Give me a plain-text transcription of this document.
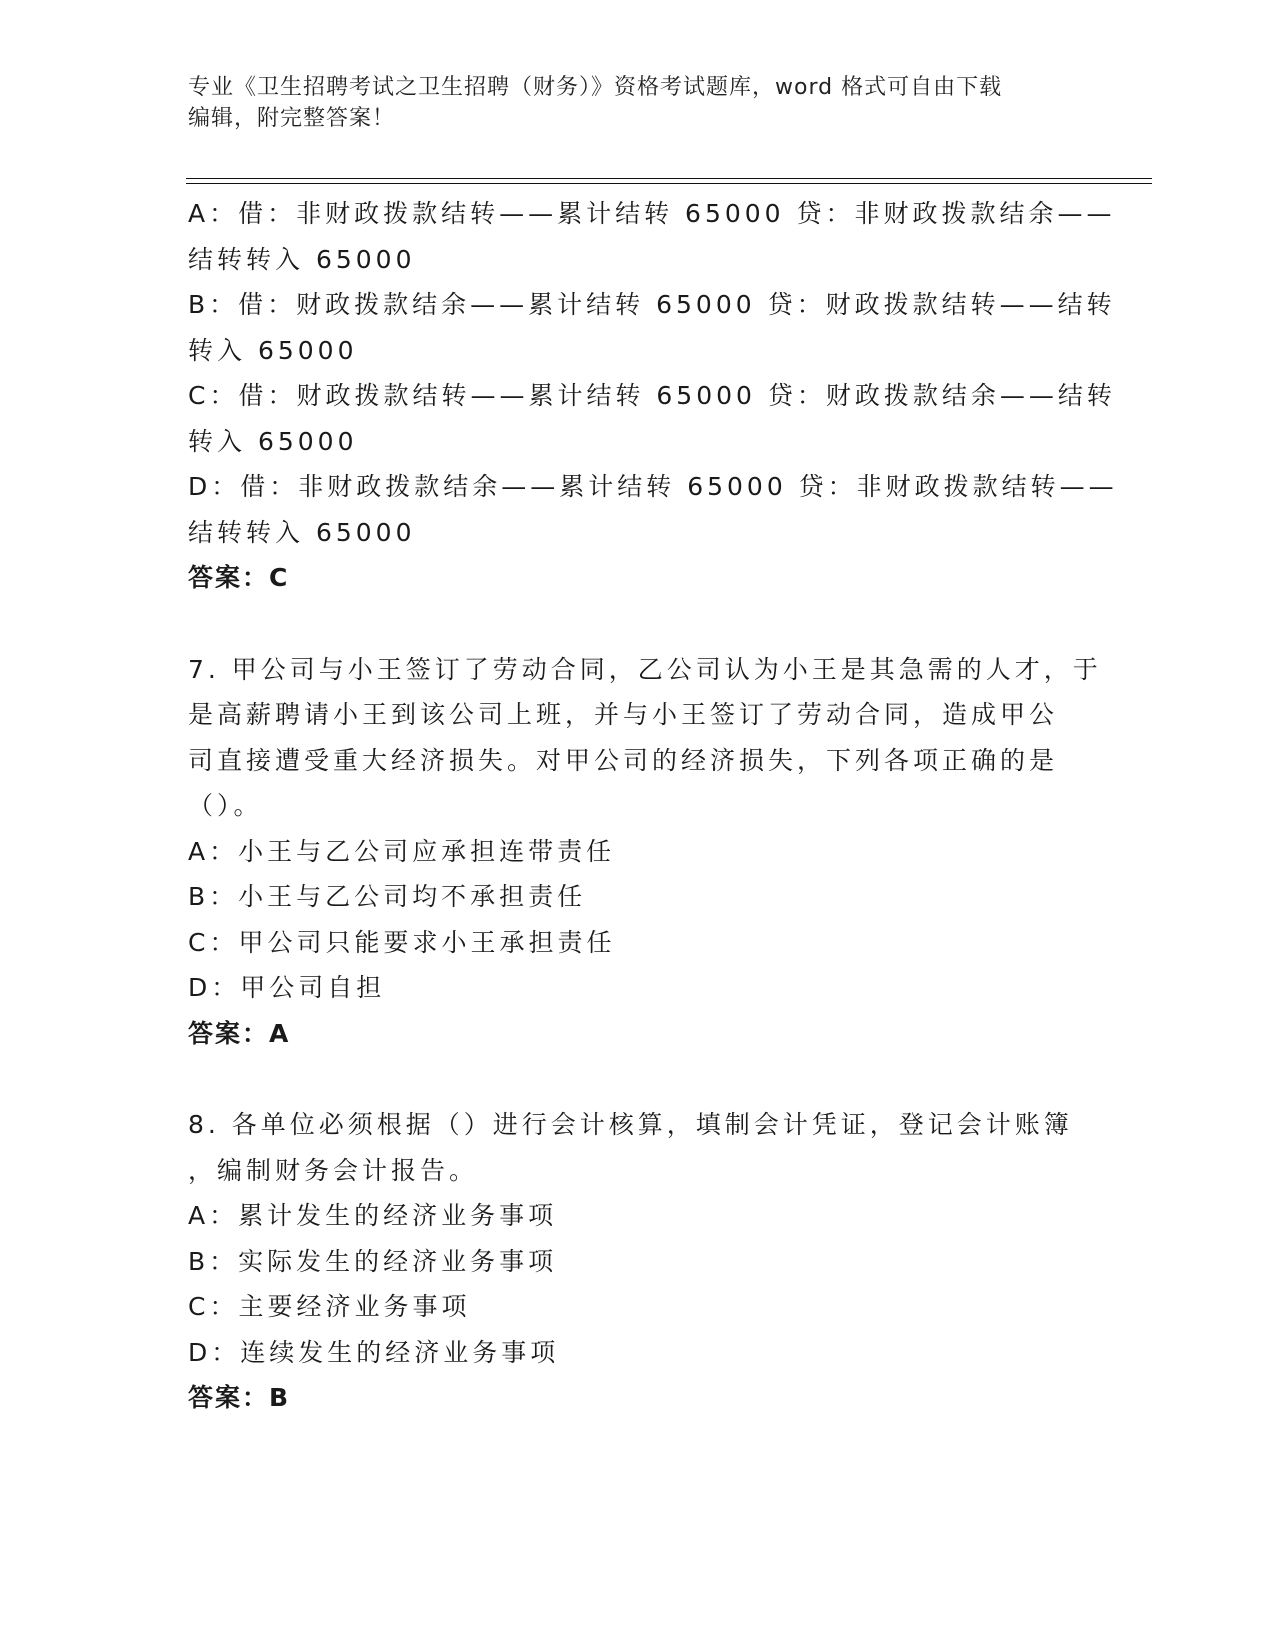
专业《卫生招聘考试之卫生招聘（财务）》资格考试题库，word 格式可自由下载
编辑，附完整答案！
A：借：非财政拨款结转——累计结转 65000 贷：非财政拨款结余——
结转转入 65000
B：借：财政拨款结余——累计结转 65000 贷：财政拨款结转——结转
转入 65000
C：借：财政拨款结转——累计结转 65000 贷：财政拨款结余——结转
转入 65000
D：借：非财政拨款结余——累计结转 65000 贷：非财政拨款结转——
结转转入 65000
答案：C
7. 甲公司与小王签订了劳动合同，乙公司认为小王是其急需的人才，于
是高薪聘请小王到该公司上班，并与小王签订了劳动合同，造成甲公
司直接遭受重大经济损失。对甲公司的经济损失，下列各项正确的是
（）。
A：小王与乙公司应承担连带责任
B：小王与乙公司均不承担责任
C：甲公司只能要求小王承担责任
D：甲公司自担
答案：A
8. 各单位必须根据（）进行会计核算，填制会计凭证，登记会计账簿
，编制财务会计报告。
A：累计发生的经济业务事项
B：实际发生的经济业务事项
C：主要经济业务事项
D：连续发生的经济业务事项
答案：B
